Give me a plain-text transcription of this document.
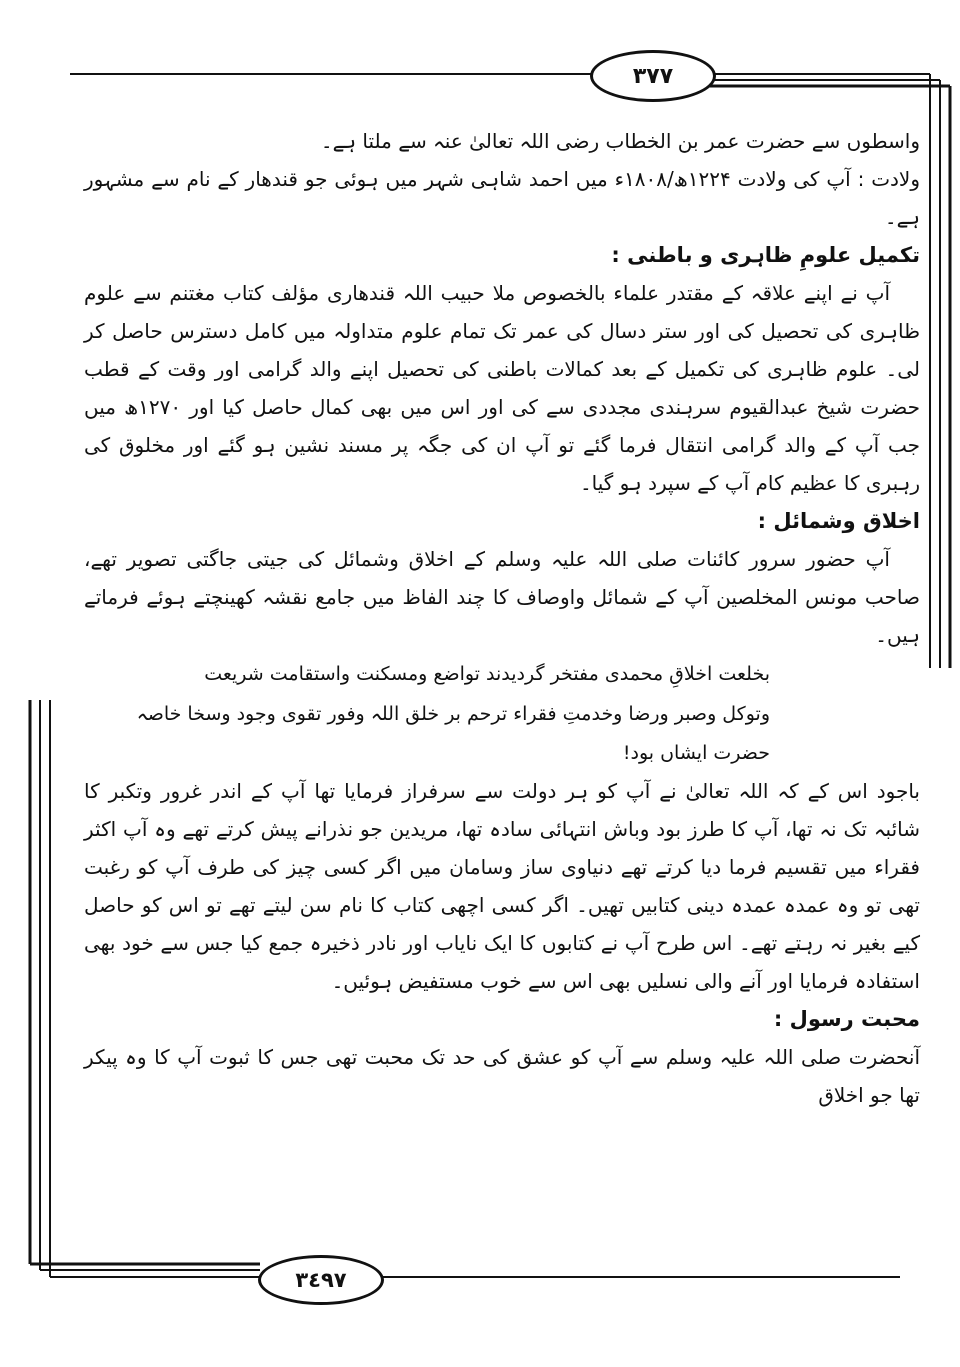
٣٧٧

واسطوں سے حضرت عمر بن الخطاب رضی اللہ تعالیٰ عنہ سے ملتا ہے۔

ولادت : آپ کی ولادت ۱۲۲۴ھ/۱۸۰۸ء میں احمد شاہی شہر میں ہوئی جو قندھار کے نام سے مشہور ہے۔

تکمیل علومِ ظاہری و باطنی :

آپ نے اپنے علاقہ کے مقتدر علماء بالخصوص ملا حبیب اللہ قندھاری مؤلف کتاب مغتنم سے علوم ظاہری کی تحصیل کی اور ستر دسال کی عمر تک تمام علوم متداولہ میں کامل دسترس حاصل کر لی۔ علوم ظاہری کی تکمیل کے بعد کمالات باطنی کی تحصیل اپنے والد گرامی اور وقت کے قطب حضرت شیخ عبدالقیوم سرہندی مجددی سے کی اور اس میں بھی کمال حاصل کیا اور ۱۲۷۰ھ میں جب آپ کے والد گرامی انتقال فرما گئے تو آپ ان کی جگہ پر مسند نشین ہو گئے اور مخلوق کی رہبری کا عظیم کام آپ کے سپرد ہو گیا۔

اخلاق وشمائل :

آپ حضور سرور کائنات صلی اللہ علیہ وسلم کے اخلاق وشمائل کی جیتی جاگتی تصویر تھے، صاحب مونس المخلصین آپ کے شمائل واوصاف کا چند الفاظ میں جامع نقشہ کھینچتے ہوئے فرماتے ہیں۔

بخلعت اخلاقِ محمدی مفتخر گردیدند تواضع ومسکنت واستقامت شریعت

وتوکل وصبر ورضا وخدمتِ فقراء ترحم بر خلق اللہ وفور تقوی وجود وسخا خاصہ

حضرت ایشاں بود!

باجود اس کے کہ اللہ تعالیٰ نے آپ کو ہر دولت سے سرفراز فرمایا تھا آپ کے اندر غرور وتکبر کا شائبہ تک نہ تھا، آپ کا طرز بود وباش انتہائی سادہ تھا، مریدین جو نذرانے پیش کرتے تھے وہ آپ اکثر فقراء میں تقسیم فرما دیا کرتے تھے دنیاوی ساز وسامان میں اگر کسی چیز کی طرف آپ کو رغبت تھی تو وہ عمدہ عمدہ دینی کتابیں تھیں۔ اگر کسی اچھی کتاب کا نام سن لیتے تھے تو اس کو حاصل کیے بغیر نہ رہتے تھے۔ اس طرح آپ نے کتابوں کا ایک نایاب اور نادر ذخیرہ جمع کیا جس سے خود بھی استفادہ فرمایا اور آنے والی نسلیں بھی اس سے خوب مستفیض ہوئیں۔

محبت رسول :

آنحضرت صلی اللہ علیہ وسلم سے آپ کو عشق کی حد تک محبت تھی جس کا ثبوت آپ کا وہ پیکر تھا جو اخلاق

٣٤٩٧
